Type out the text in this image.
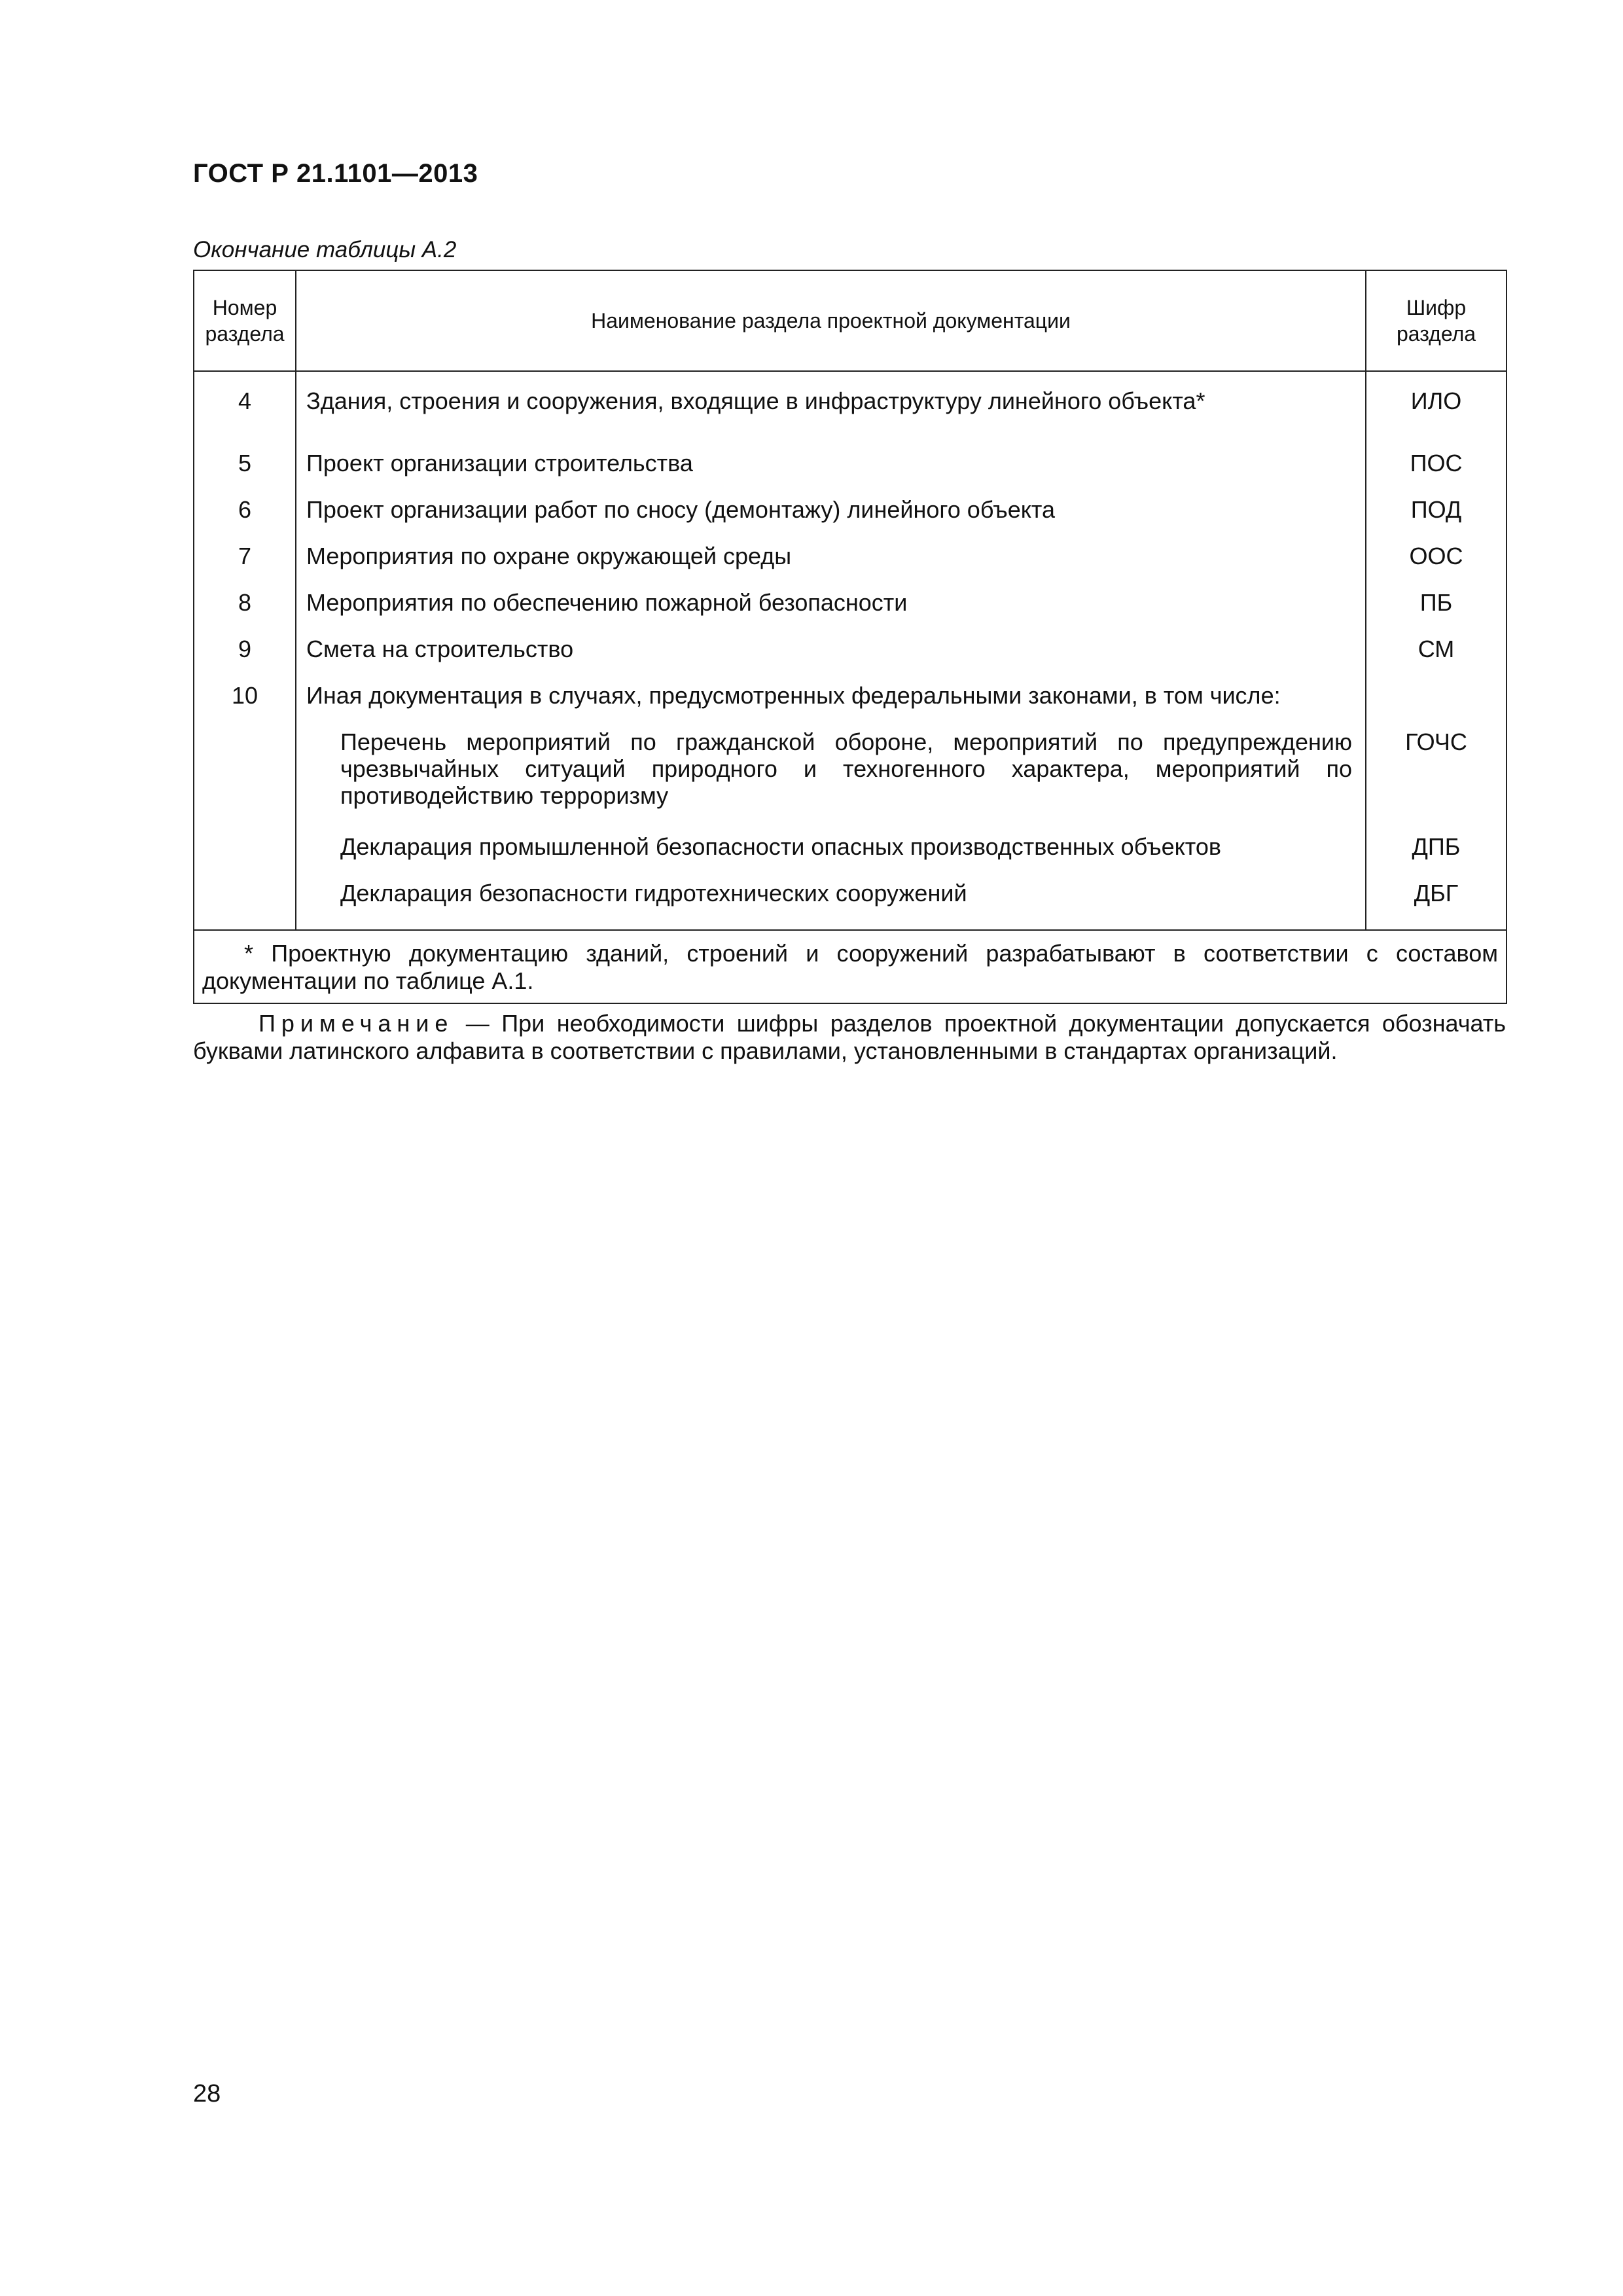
ГОСТ Р 21.1101—2013
Окончание таблицы А.2
Номер раздела	Наименование раздела проектной документации	Шифр раздела
4	Здания, строения и сооружения, входящие в инфраструктуру линейного объекта*	ИЛО
5	Проект организации строительства	ПОС
6	Проект организации работ по сносу (демонтажу) линейного объекта	ПОД
7	Мероприятия по охране окружающей среды	ООС
8	Мероприятия по обеспечению пожарной безопасности	ПБ
9	Смета на строительство	СМ
10	Иная документация в случаях, предусмотренных федеральными законами, в том числе:	
	Перечень мероприятий по гражданской обороне, мероприятий по предупреждению чрезвычайных ситуаций природного и техногенного характера, мероприятий по противодействию терроризму	ГОЧС
	Декларация промышленной безопасности опасных производственных объектов	ДПБ
	Декларация безопасности гидротехнических сооружений	ДБГ
* Проектную документацию зданий, строений и сооружений разрабатывают в соответствии с составом документации по таблице А.1.		
Примечание — При необходимости шифры разделов проектной документации допускается обозначать буквами латинского алфавита в соответствии с правилами, установленными в стандартах организаций.
28
